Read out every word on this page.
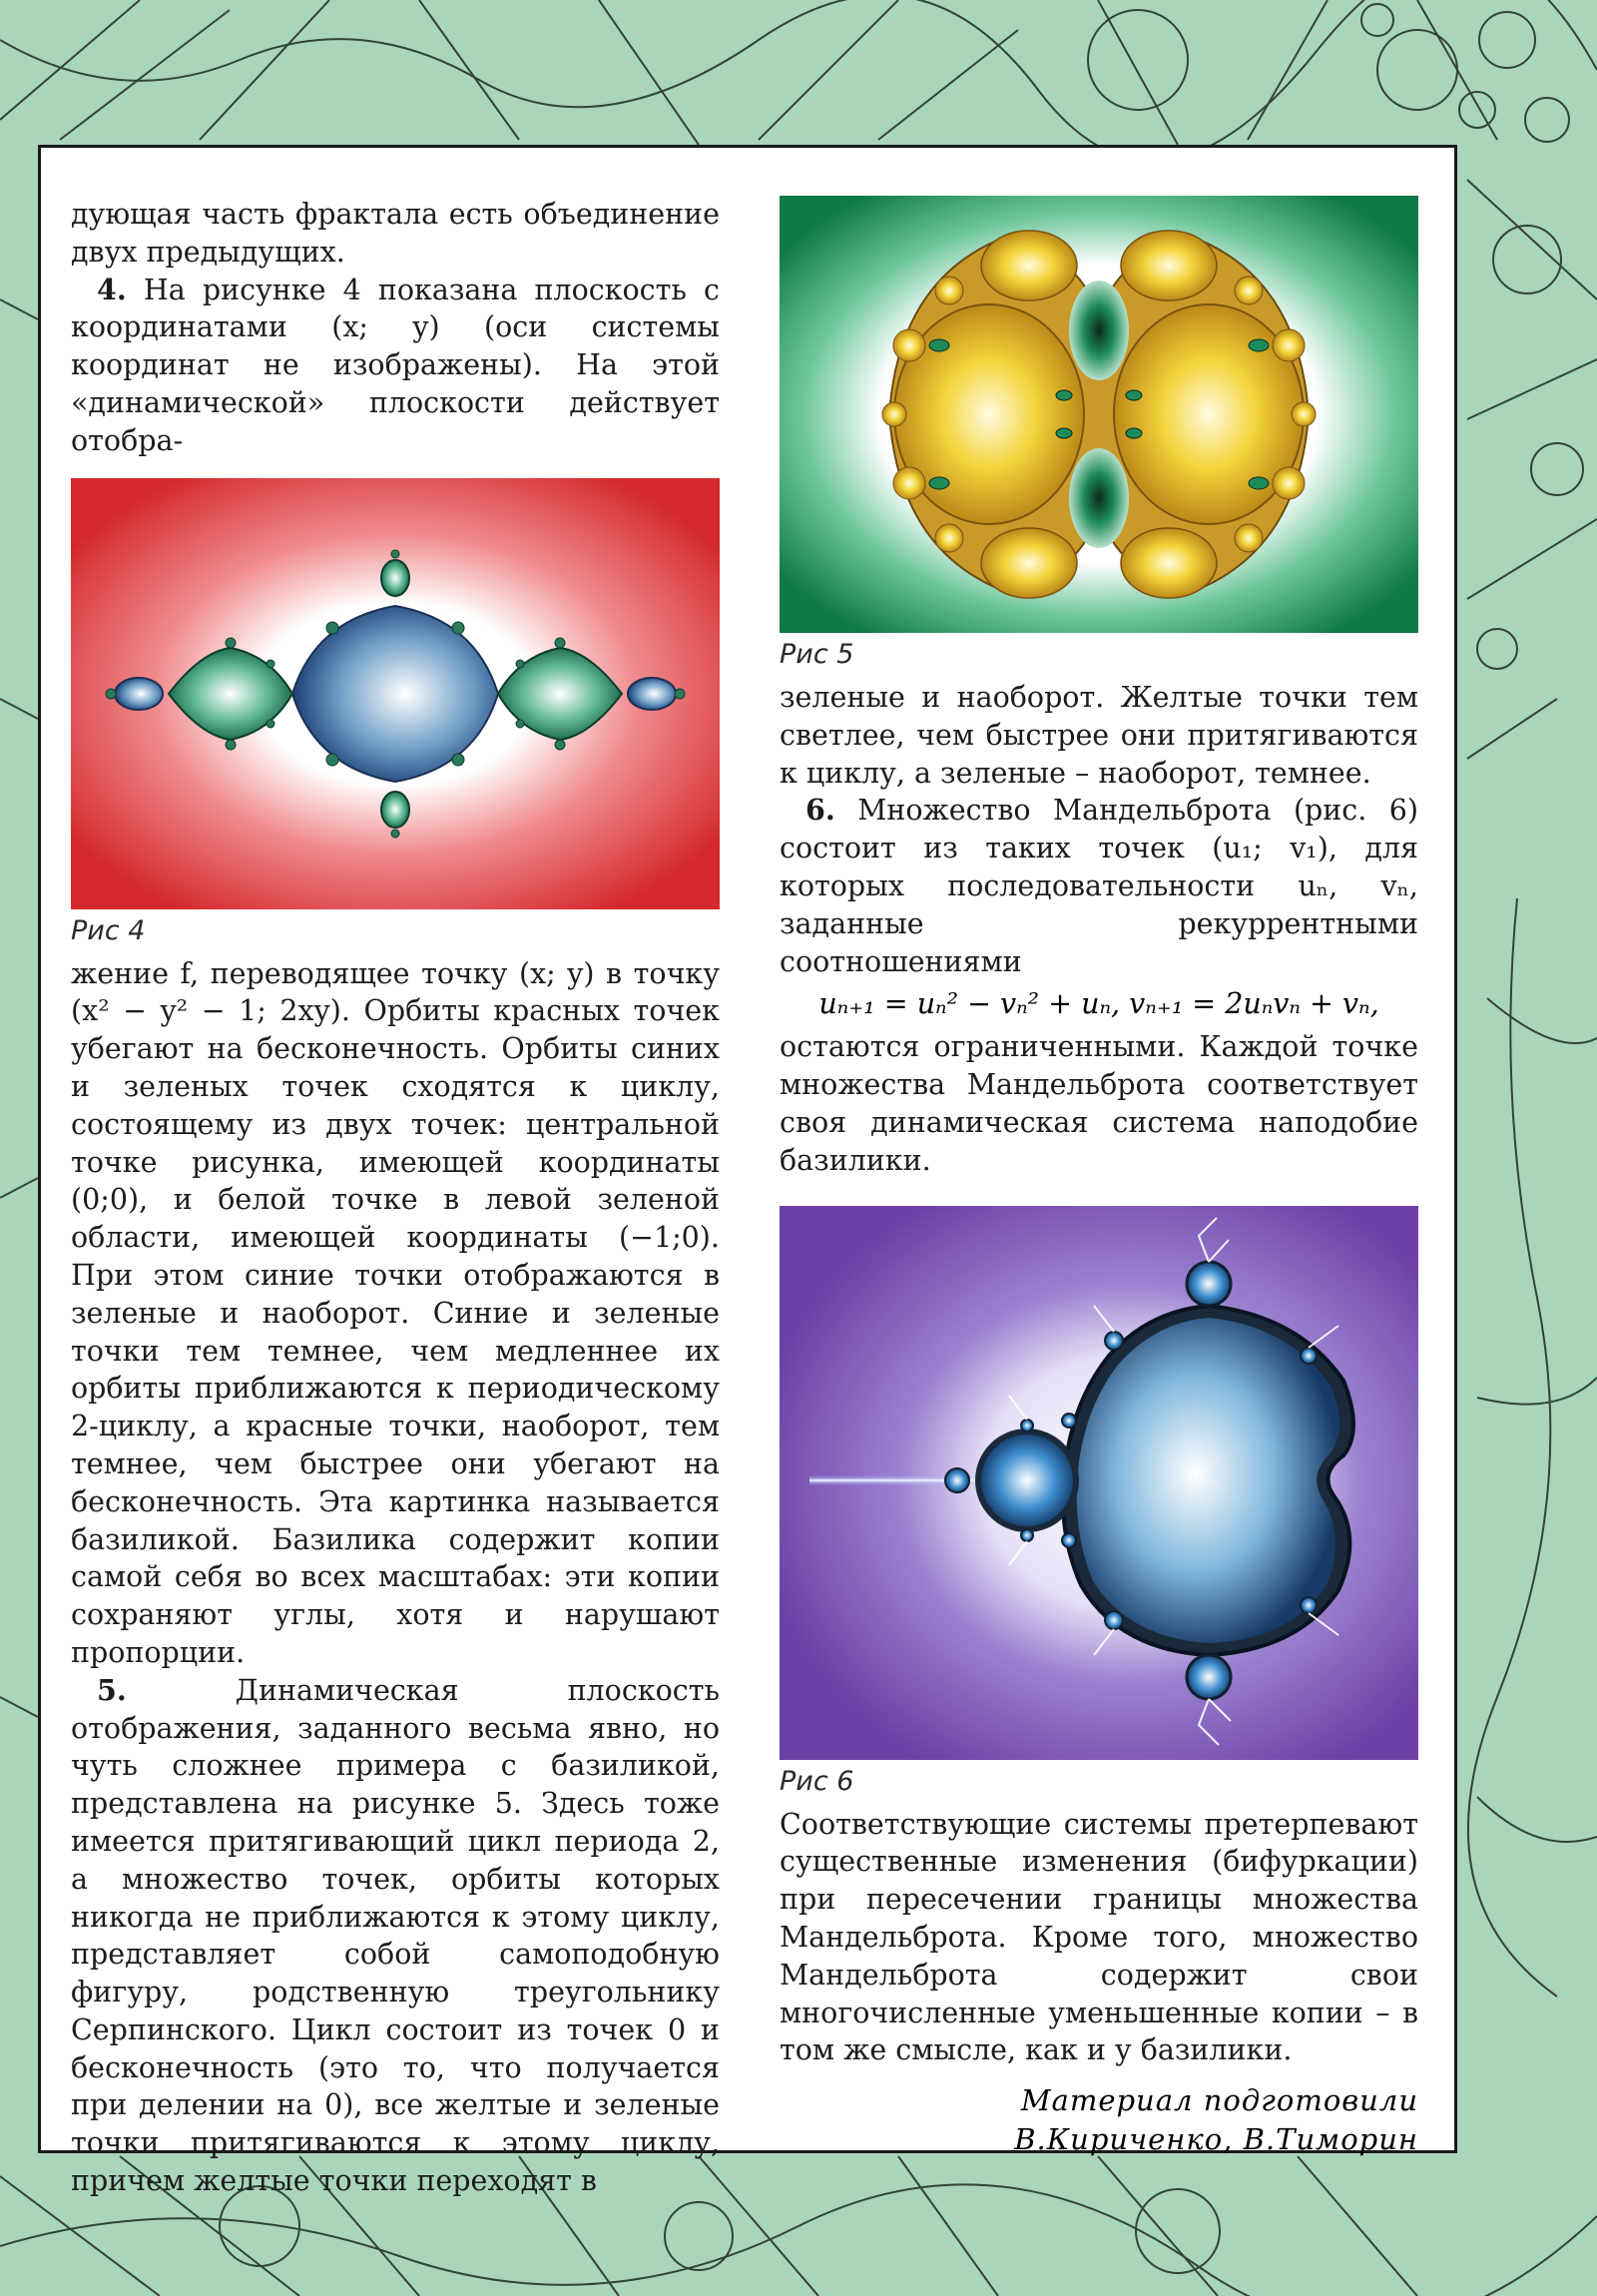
дующая часть фрактала есть объединение двух предыдущих.

4. На рисунке 4 показана плоскость с координатами (x; y) (оси системы координат не изображены). На этой «динамической» плоскости действует отобра-

Рис 4

жение f, переводящее точку (x; y) в точку (x² − y² − 1; 2xy). Орбиты красных точек убегают на бесконечность. Орбиты синих и зеленых точек сходятся к циклу, состоящему из двух точек: центральной точке рисунка, имеющей координаты (0;0), и белой точке в левой зеленой области, имеющей координаты (−1;0). При этом синие точки отображаются в зеленые и наоборот. Синие и зеленые точки тем темнее, чем медленнее их орбиты приближаются к периодическому 2-циклу, а красные точки, наоборот, тем темнее, чем быстрее они убегают на бесконечность. Эта картинка называется базиликой. Базилика содержит копии самой себя во всех масштабах: эти копии сохраняют углы, хотя и нарушают пропорции.

5.	Динамическая плоскость отображения, заданного весьма явно, но чуть сложнее примера с базиликой, представлена на рисунке 5. Здесь тоже имеется притягивающий цикл периода 2, а множество точек, орбиты которых никогда не приближаются к этому циклу, представляет собой самоподобную фигуру, родственную треугольнику Серпинского. Цикл состоит из точек 0 и бесконечность (это то, что получается при делении на 0), все желтые и зеленые точки притягиваются к этому циклу, причем желтые точки переходят в

Рис 5

зеленые и наоборот. Желтые точки тем светлее, чем быстрее они притягиваются к циклу, а зеленые – наоборот, темнее.

6. Множество Мандельброта (рис. 6) состоит из таких точек (u₁; v₁), для которых последовательности uₙ, vₙ, заданные рекуррентными соотношениями

uₙ₊₁ = uₙ² − vₙ² + uₙ, vₙ₊₁ = 2uₙvₙ + vₙ,

остаются ограниченными. Каждой точке множества Мандельброта соответствует своя динамическая система наподобие базилики.

Рис 6

Соответствующие системы претерпевают существенные изменения (бифуркации) при пересечении границы множества Мандельброта. Кроме того, множество Мандельброта содержит свои многочисленные уменьшенные копии – в том же смысле, как и у базилики.

Материал подготовили
В.Кириченко, В.Тиморин
